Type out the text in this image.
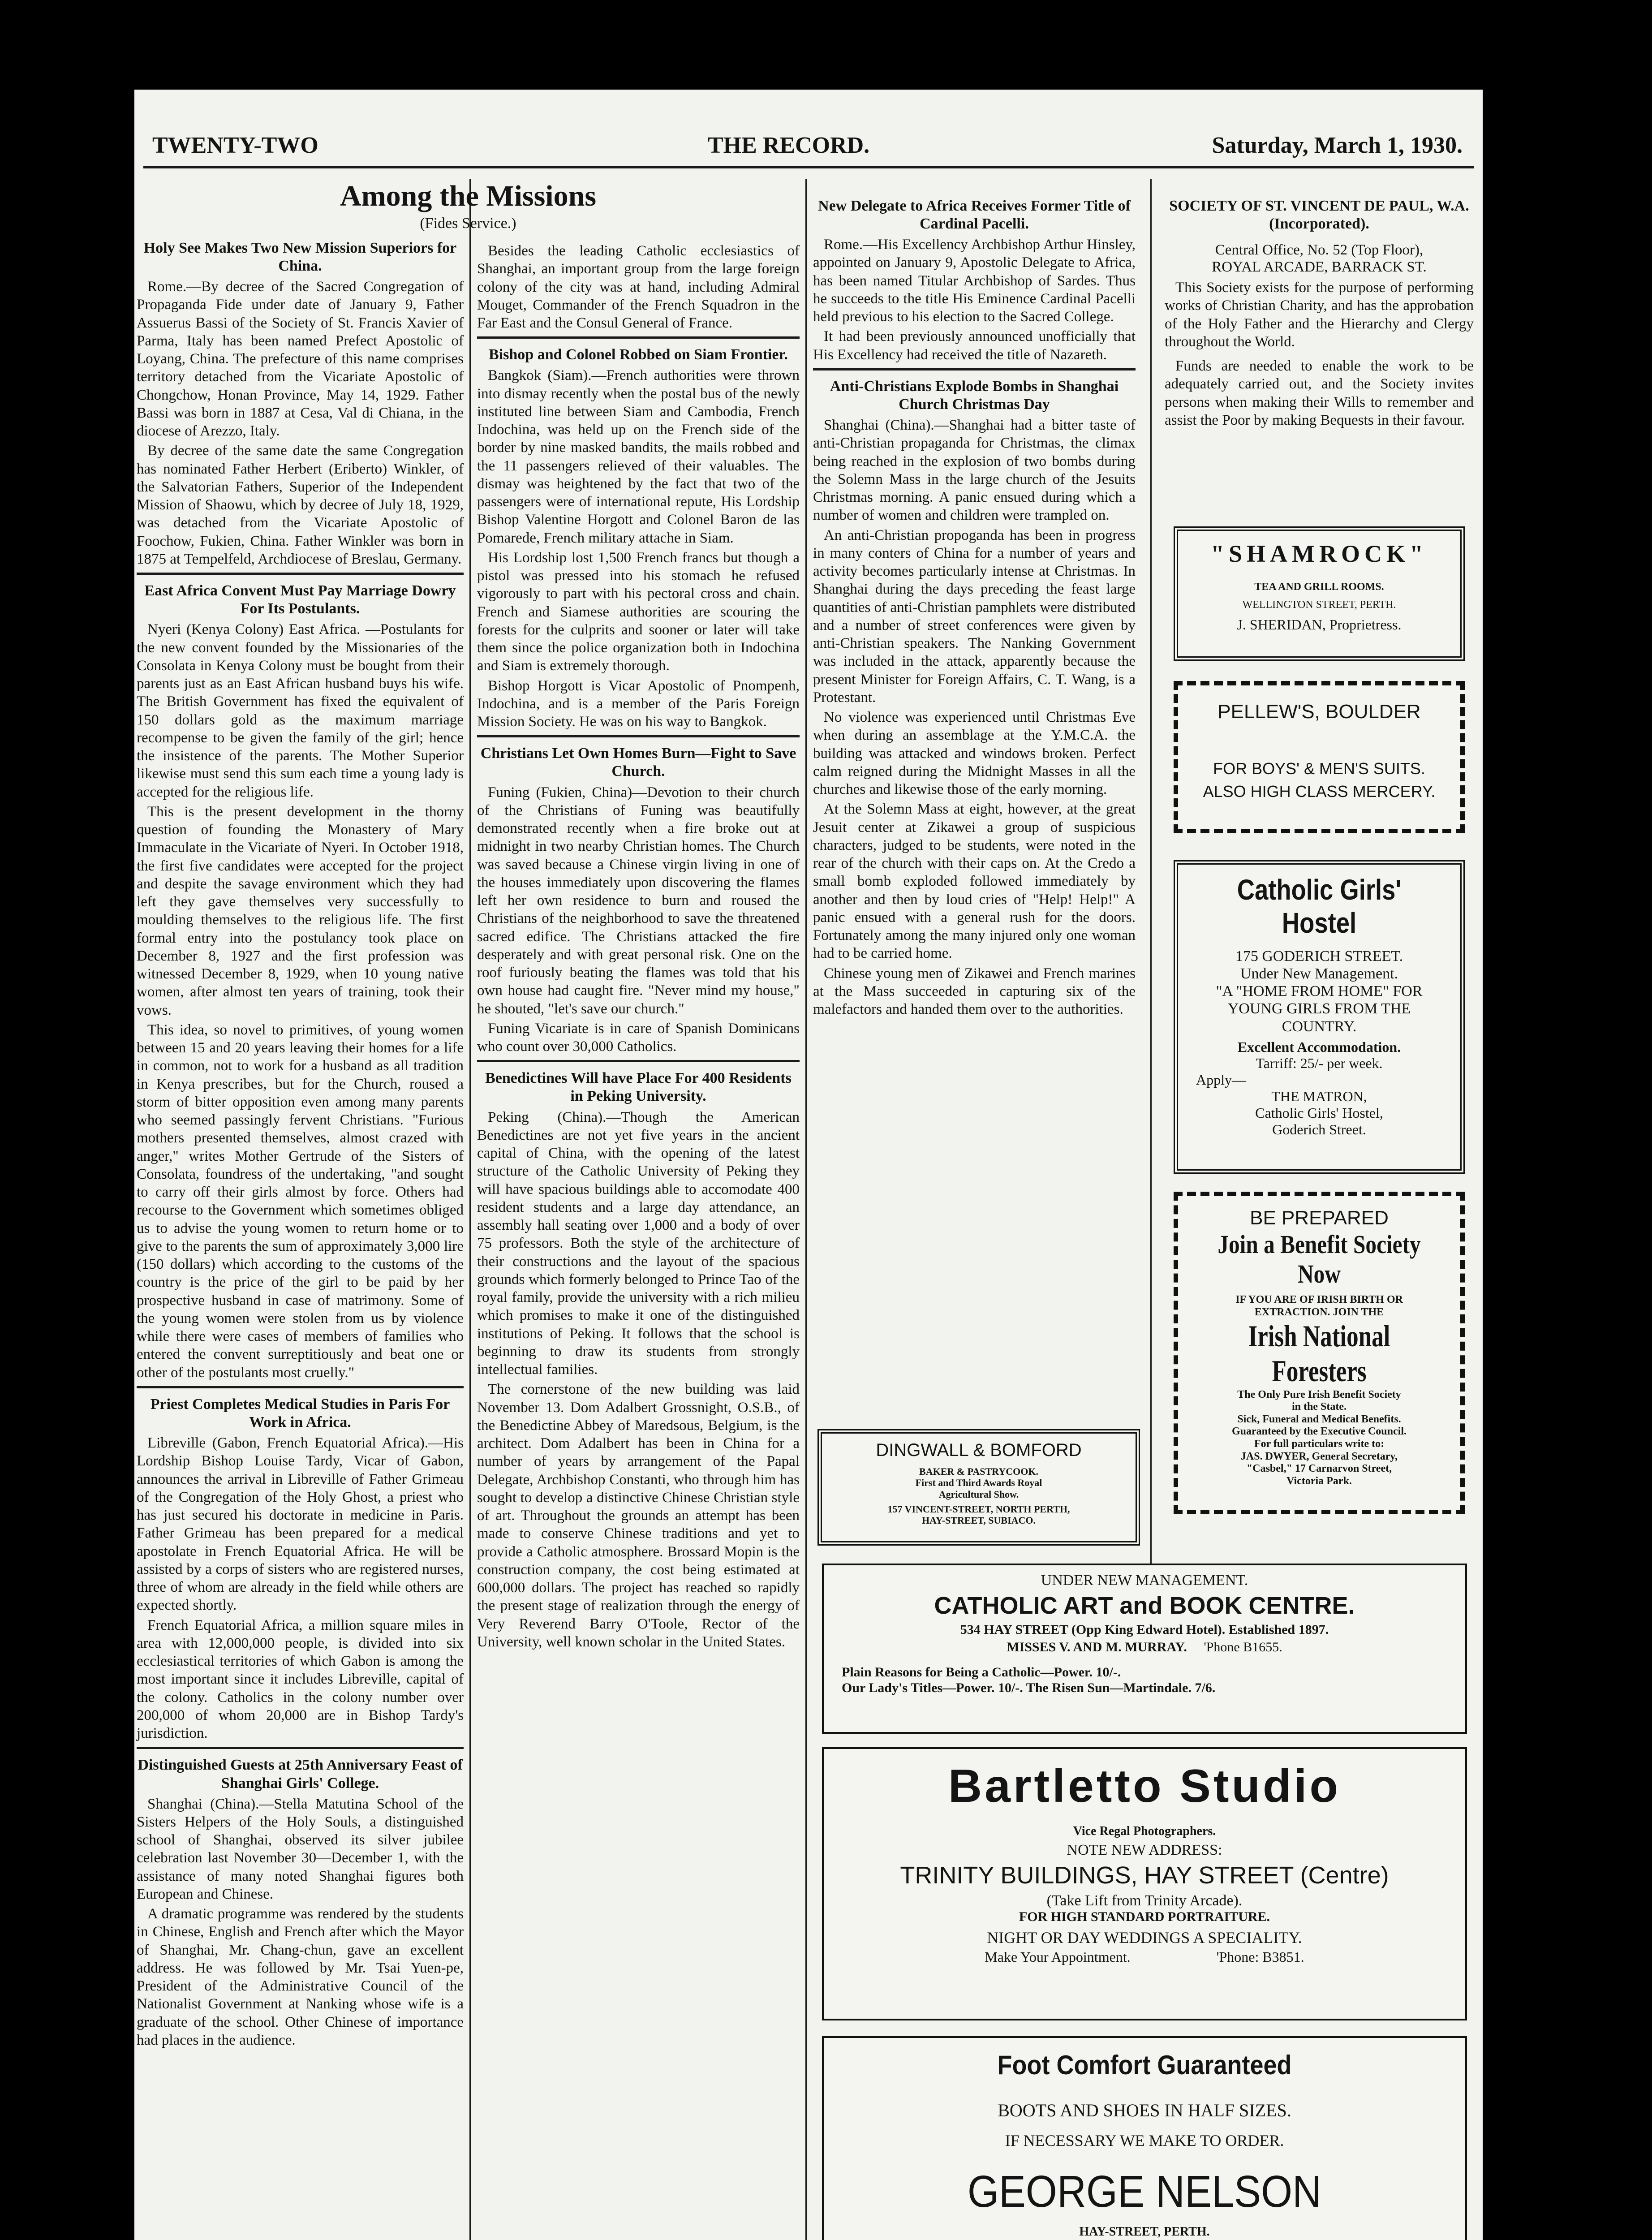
TWENTY-TWO	THE RECORD.	Saturday, March 1, 1930.
Among the Missions
(Fides Service.)
Holy See Makes Two New Mission Superiors for China.

Rome.—By decree of the Sacred Congregation of Propaganda Fide under date of January 9, Father Assuerus Bassi of the Society of St. Francis Xavier of Parma, Italy has been named Prefect Apostolic of Loyang, China. The prefecture of this name comprises territory detached from the Vicariate Apostolic of Chongchow, Honan Province, May 14, 1929. Father Bassi was born in 1887 at Cesa, Val di Chiana, in the diocese of Arezzo, Italy.

By decree of the same date the same Congregation has nominated Father Herbert (Eriberto) Winkler, of the Salvatorian Fathers, Superior of the Independent Mission of Shaowu, which by decree of July 18, 1929, was detached from the Vicariate Apostolic of Foochow, Fukien, China. Father Winkler was born in 1875 at Tempelfeld, Archdiocese of Breslau, Germany.

East Africa Convent Must Pay Marriage Dowry For Its Postulants.

Nyeri (Kenya Colony) East Africa. —Postulants for the new convent founded by the Missionaries of the Consolata in Kenya Colony must be bought from their parents just as an East African husband buys his wife. The British Government has fixed the equivalent of 150 dollars gold as the maximum marriage recompense to be given the family of the girl; hence the insistence of the parents. The Mother Superior likewise must send this sum each time a young lady is accepted for the religious life.

This is the present development in the thorny question of founding the Monastery of Mary Immaculate in the Vicariate of Nyeri. In October 1918, the first five candidates were accepted for the project and despite the savage environment which they had left they gave themselves very successfully to moulding themselves to the religious life. The first formal entry into the postulancy took place on December 8, 1927 and the first profession was witnessed December 8, 1929, when 10 young native women, after almost ten years of training, took their vows.

This idea, so novel to primitives, of young women between 15 and 20 years leaving their homes for a life in common, not to work for a husband as all tradition in Kenya prescribes, but for the Church, roused a storm of bitter opposition even among many parents who seemed passingly fervent Christians. "Furious mothers presented themselves, almost crazed with anger," writes Mother Gertrude of the Sisters of Consolata, foundress of the undertaking, "and sought to carry off their girls almost by force. Others had recourse to the Government which sometimes obliged us to advise the young women to return home or to give to the parents the sum of approximately 3,000 lire (150 dollars) which according to the customs of the country is the price of the girl to be paid by her prospective husband in case of matrimony. Some of the young women were stolen from us by violence while there were cases of members of families who entered the convent surreptitiously and beat one or other of the postulants most cruelly."

Priest Completes Medical Studies in Paris For Work in Africa.

Libreville (Gabon, French Equatorial Africa).—His Lordship Bishop Louise Tardy, Vicar of Gabon, announces the arrival in Libreville of Father Grimeau of the Congregation of the Holy Ghost, a priest who has just secured his doctorate in medicine in Paris. Father Grimeau has been prepared for a medical apostolate in French Equatorial Africa. He will be assisted by a corps of sisters who are registered nurses, three of whom are already in the field while others are expected shortly.

French Equatorial Africa, a million square miles in area with 12,000,000 people, is divided into six ecclesiastical territories of which Gabon is among the most important since it includes Libreville, capital of the colony. Catholics in the colony number over 200,000 of whom 20,000 are in Bishop Tardy's jurisdiction.

Distinguished Guests at 25th Anniversary Feast of Shanghai Girls' College.

Shanghai (China).—Stella Matutina School of the Sisters Helpers of the Holy Souls, a distinguished school of Shanghai, observed its silver jubilee celebration last November 30—December 1, with the assistance of many noted Shanghai figures both European and Chinese.

A dramatic programme was rendered by the students in Chinese, English and French after which the Mayor of Shanghai, Mr. Chang-chun, gave an excellent address. He was followed by Mr. Tsai Yuen-pe, President of the Administrative Council of the Nationalist Government at Nanking whose wife is a graduate of the school. Other Chinese of importance had places in the audience.

Besides the leading Catholic ecclesiastics of Shanghai, an important group from the large foreign colony of the city was at hand, including Admiral Mouget, Commander of the French Squadron in the Far East and the Consul General of France.

Bishop and Colonel Robbed on Siam Frontier.

Bangkok (Siam).—French authorities were thrown into dismay recently when the postal bus of the newly instituted line between Siam and Cambodia, French Indochina, was held up on the French side of the border by nine masked bandits, the mails robbed and the 11 passengers relieved of their valuables. The dismay was heightened by the fact that two of the passengers were of international repute, His Lordship Bishop Valentine Horgott and Colonel Baron de las Pomarede, French military attache in Siam.

His Lordship lost 1,500 French francs but though a pistol was pressed into his stomach he refused vigorously to part with his pectoral cross and chain. French and Siamese authorities are scouring the forests for the culprits and sooner or later will take them since the police organization both in Indochina and Siam is extremely thorough.

Bishop Horgott is Vicar Apostolic of Pnompenh, Indochina, and is a member of the Paris Foreign Mission Society. He was on his way to Bangkok.

Christians Let Own Homes Burn—Fight to Save Church.

Funing (Fukien, China)—Devotion to their church of the Christians of Funing was beautifully demonstrated recently when a fire broke out at midnight in two nearby Christian homes. The Church was saved because a Chinese virgin living in one of the houses immediately upon discovering the flames left her own residence to burn and roused the Christians of the neighborhood to save the threatened sacred edifice. The Christians attacked the fire desperately and with great personal risk. One on the roof furiously beating the flames was told that his own house had caught fire. "Never mind my house," he shouted, "let's save our church."

Funing Vicariate is in care of Spanish Dominicans who count over 30,000 Catholics.

Benedictines Will have Place For 400 Residents in Peking University.

Peking (China).—Though the American Benedictines are not yet five years in the ancient capital of China, with the opening of the latest structure of the Catholic University of Peking they will have spacious buildings able to accomodate 400 resident students and a large day attendance, an assembly hall seating over 1,000 and a body of over 75 professors. Both the style of the architecture of their constructions and the layout of the spacious grounds which formerly belonged to Prince Tao of the royal family, provide the university with a rich milieu which promises to make it one of the distinguished institutions of Peking. It follows that the school is beginning to draw its students from strongly intellectual families.

The cornerstone of the new building was laid November 13. Dom Adalbert Grossnight, O.S.B., of the Benedictine Abbey of Maredsous, Belgium, is the architect. Dom Adalbert has been in China for a number of years by arrangement of the Papal Delegate, Archbishop Constanti, who through him has sought to develop a distinctive Chinese Christian style of art. Throughout the grounds an attempt has been made to conserve Chinese traditions and yet to provide a Catholic atmosphere. Brossard Mopin is the construction company, the cost being estimated at 600,000 dollars. The project has reached so rapidly the present stage of realization through the energy of Very Reverend Barry O'Toole, Rector of the University, well known scholar in the United States.

New Delegate to Africa Receives Former Title of Cardinal Pacelli.

Rome.—His Excellency Archbishop Arthur Hinsley, appointed on January 9, Apostolic Delegate to Africa, has been named Titular Archbishop of Sardes. Thus he succeeds to the title His Eminence Cardinal Pacelli held previous to his election to the Sacred College.

It had been previously announced unofficially that His Excellency had received the title of Nazareth.

Anti-Christians Explode Bombs in Shanghai Church Christmas Day

Shanghai (China).—Shanghai had a bitter taste of anti-Christian propaganda for Christmas, the climax being reached in the explosion of two bombs during the Solemn Mass in the large church of the Jesuits Christmas morning. A panic ensued during which a number of women and children were trampled on.

An anti-Christian propoganda has been in progress in many conters of China for a number of years and activity becomes particularly intense at Christmas. In Shanghai during the days preceding the feast large quantities of anti-Christian pamphlets were distributed and a number of street conferences were given by anti-Christian speakers. The Nanking Government was included in the attack, apparently because the present Minister for Foreign Affairs, C. T. Wang, is a Protestant.

No violence was experienced until Christmas Eve when during an assemblage at the Y.M.C.A. the building was attacked and windows broken. Perfect calm reigned during the Midnight Masses in all the churches and likewise those of the early morning.

At the Solemn Mass at eight, however, at the great Jesuit center at Zikawei a group of suspicious characters, judged to be students, were noted in the rear of the church with their caps on. At the Credo a small bomb exploded followed immediately by another and then by loud cries of "Help! Help!" A panic ensued with a general rush for the doors. Fortunately among the many injured only one woman had to be carried home.

Chinese young men of Zikawei and French marines at the Mass succeeded in capturing six of the malefactors and handed them over to the authorities.

SOCIETY OF ST. VINCENT DE PAUL, W.A. (Incorporated).
Central Office, No. 52 (Top Floor),
ROYAL ARCADE, BARRACK ST.

This Society exists for the purpose of performing works of Christian Charity, and has the approbation of the Holy Father and the Hierarchy and Clergy throughout the World.

Funds are needed to enable the work to be adequately carried out, and the Society invites persons when making their Wills to remember and assist the Poor by making Bequests in their favour.

"SHAMROCK"
TEA AND GRILL ROOMS.
WELLINGTON STREET, PERTH.
J. SHERIDAN, Proprietress.
PELLEW'S, BOULDER
FOR BOYS' & MEN'S SUITS.
ALSO HIGH CLASS MERCERY.
Catholic Girls' Hostel
175 GODERICH STREET.
Under New Management.
"A "HOME FROM HOME" FOR
YOUNG GIRLS FROM THE
COUNTRY.
Excellent Accommodation.
Tarriff: 25/- per week.
Apply—
THE MATRON,
Catholic Girls' Hostel,
Goderich Street.
BE PREPARED
Join a Benefit Society Now
IF YOU ARE OF IRISH BIRTH OR
EXTRACTION. JOIN THE
Irish National Foresters
The Only Pure Irish Benefit Society
in the State.
Sick, Funeral and Medical Benefits.
Guaranteed by the Executive Council.
For full particulars write to:
JAS. DWYER, General Secretary,
"Casbel," 17 Carnarvon Street,
Victoria Park.
DINGWALL & BOMFORD
BAKER & PASTRYCOOK.
First and Third Awards Royal
Agricultural Show.
157 VINCENT-STREET, NORTH PERTH,
HAY-STREET, SUBIACO.
UNDER NEW MANAGEMENT.
CATHOLIC ART and BOOK CENTRE.
534 HAY STREET (Opp King Edward Hotel). Established 1897.
MISSES V. AND M. MURRAY. 'Phone B1655.
Plain Reasons for Being a Catholic—Power. 10/-.
Our Lady's Titles—Power. 10/-. The Risen Sun—Martindale. 7/6.
Bartletto Studio
Vice Regal Photographers.
NOTE NEW ADDRESS:
TRINITY BUILDINGS, HAY STREET (Centre)
(Take Lift from Trinity Arcade).
FOR HIGH STANDARD PORTRAITURE.
NIGHT OR DAY WEDDINGS A SPECIALITY.
Make Your Appointment.	'Phone: B3851.
Foot Comfort Guaranteed
BOOTS AND SHOES IN HALF SIZES.
IF NECESSARY WE MAKE TO ORDER.
GEORGE NELSON
HAY-STREET, PERTH.
